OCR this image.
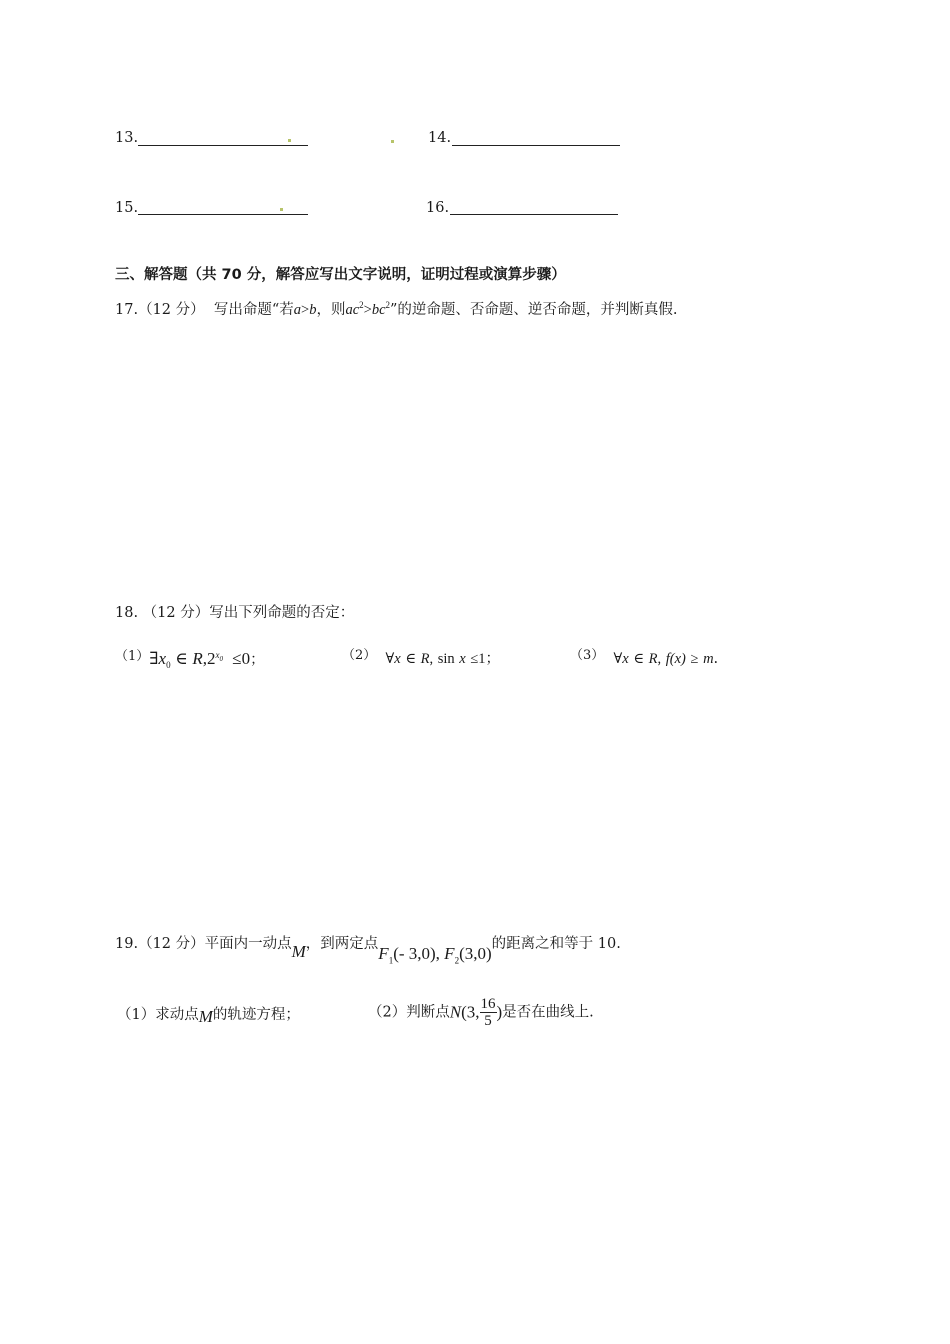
13.	14.
15.	16.
三、解答题（共 70 分，解答应写出文字说明，证明过程或演算步骤）
17.（12 分） 写出命题“若a>b，则$ac^2>bc^2$”的逆命题、否命题、逆否命题，并判断真假.
18. （12 分）写出下列命题的否定：
$(1)\exists x_0$ ∈ $R,2^{x_0} \le 0$；	（2） ∀x ∈ R, sin x ≤1；	（3） ∀x ∈ R, f(x) ≥ m.
19.（12 分）平面内一动点M，到两定点$F_1(-$ 3,0), $F_2(3,0)$的距离之和等于 10.
（1）求动点M的轨迹方程；	（2）判断点N(3, $\frac{16}{5}$ )是否在曲线上.
